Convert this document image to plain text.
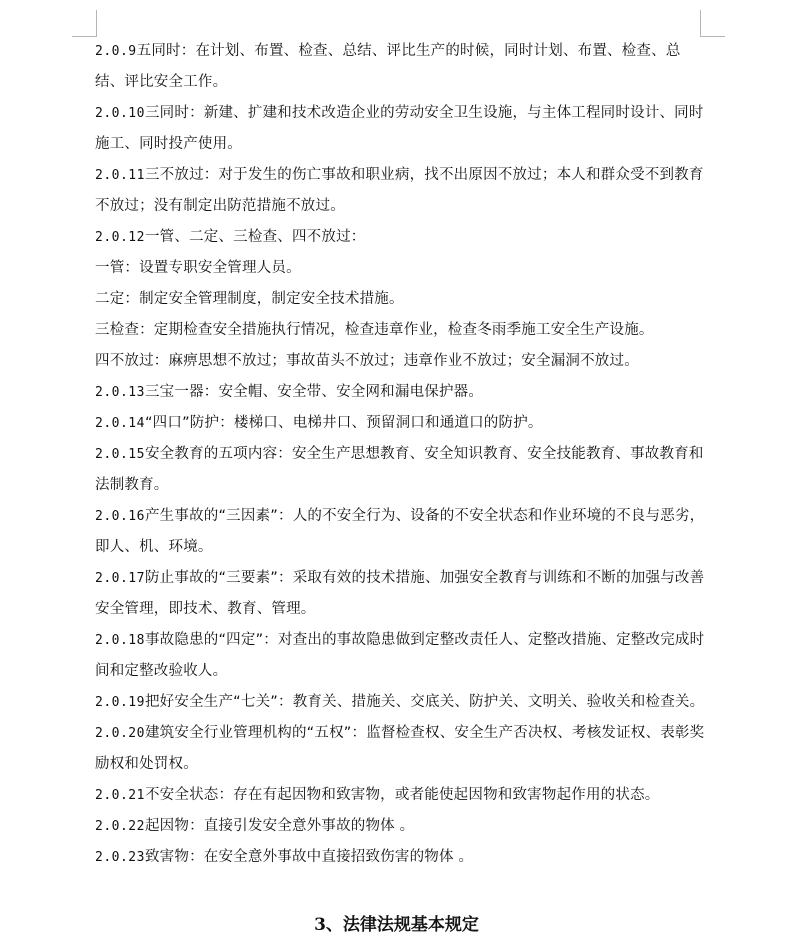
2.0.9五同时：在计划、布置、检查、总结、评比生产的时候，同时计划、布置、检查、总结、评比安全工作。

2.0.10三同时：新建、扩建和技术改造企业的劳动安全卫生设施，与主体工程同时设计、同时施工、同时投产使用。

2.0.11三不放过：对于发生的伤亡事故和职业病，找不出原因不放过；本人和群众受不到教育不放过；没有制定出防范措施不放过。

2.0.12一管、二定、三检查、四不放过：

一管：设置专职安全管理人员。

二定：制定安全管理制度，制定安全技术措施。

三检查：定期检查安全措施执行情况，检查违章作业，检查冬雨季施工安全生产设施。

四不放过：麻痹思想不放过；事故苗头不放过；违章作业不放过；安全漏洞不放过。

2.0.13三宝一器：安全帽、安全带、安全网和漏电保护器。

2.0.14“四口”防护：楼梯口、电梯井口、预留洞口和通道口的防护。

2.0.15安全教育的五项内容：安全生产思想教育、安全知识教育、安全技能教育、事故教育和法制教育。

2.0.16产生事故的“三因素”：人的不安全行为、设备的不安全状态和作业环境的不良与恶劣，即人、机、环境。

2.0.17防止事故的“三要素”：采取有效的技术措施、加强安全教育与训练和不断的加强与改善安全管理，即技术、教育、管理。

2.0.18事故隐患的“四定”：对查出的事故隐患做到定整改责任人、定整改措施、定整改完成时间和定整改验收人。

2.0.19把好安全生产“七关”：教育关、措施关、交底关、防护关、文明关、验收关和检查关。

2.0.20建筑安全行业管理机构的“五权”：监督检查权、安全生产否决权、考核发证权、表彰奖励权和处罚权。

2.0.21不安全状态：存在有起因物和致害物，或者能使起因物和致害物起作用的状态。

2.0.22起因物：直接引发安全意外事故的物体 。

2.0.23致害物：在安全意外事故中直接招致伤害的物体 。

3、法律法规基本规定
